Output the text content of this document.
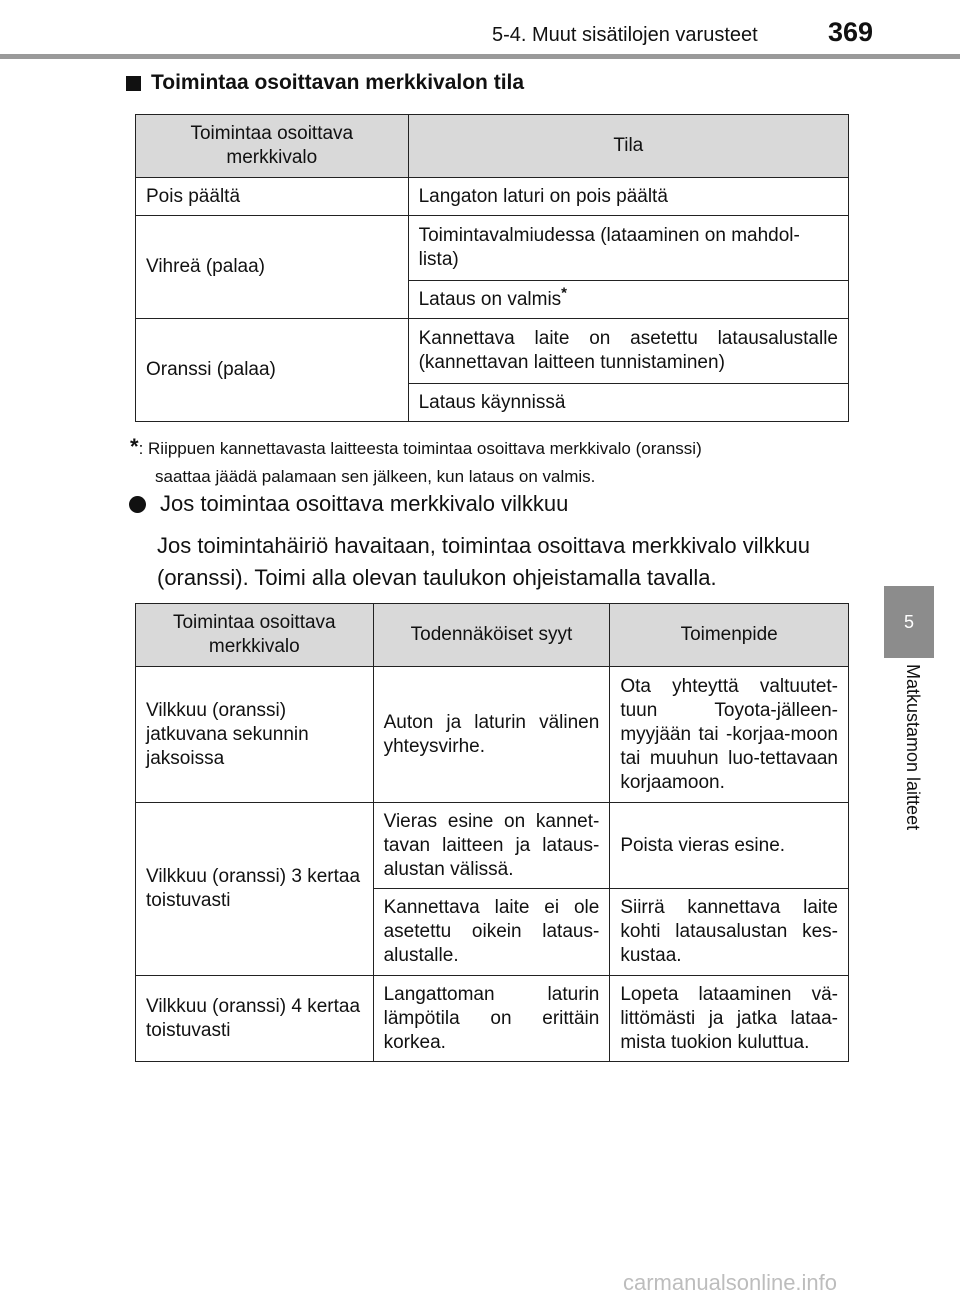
5-4. Muut sisätilojen varusteet	369
5
Matkustamon laitteet
Toimintaa osoittavan merkkivalon tila
Toimintaa osoittava merkkivalo	Tila
Pois päältä	Langaton laturi on pois päältä
Vihreä (palaa)	Toimintavalmiudessa (lataaminen on mahdol-lista)
	Lataus on valmis*
Oranssi (palaa)	Kannettava laite on asetettu latausalustalle (kannettavan laitteen tunnistaminen)
	Lataus käynnissä
*: Riippuen kannettavasta laitteesta toimintaa osoittava merkkivalo (oranssi)
saattaa jäädä palamaan sen jälkeen, kun lataus on valmis.
Jos toimintaa osoittava merkkivalo vilkkuu
Jos toimintahäiriö havaitaan, toimintaa osoittava merkkivalo vilkkuu (oranssi). Toimi alla olevan taulukon ohjeistamalla tavalla.
Toimintaa osoittava merkkivalo	Todennäköiset syyt	Toimenpide
Vilkkuu (oranssi) jatkuvana sekunnin jaksoissa	Auton ja laturin välinen yhteysvirhe.	Ota yhteyttä valtuutet-tuun Toyota-jälleen-myyjään tai -korjaa-moon tai muuhun luo-tettavaan korjaamoon.
Vilkkuu (oranssi) 3 kertaa toistuvasti	Vieras esine on kannet-tavan laitteen ja lataus-alustan välissä.	Poista vieras esine.
	Kannettava laite ei ole asetettu oikein lataus-alustalle.	Siirrä kannettava laite kohti latausalustan kes-kustaa.
Vilkkuu (oranssi) 4 kertaa toistuvasti	Langattoman laturin lämpötila on erittäin korkea.	Lopeta lataaminen vä-littömästi ja jatka lataa-mista tuokion kuluttua.
carmanualsonline.info
